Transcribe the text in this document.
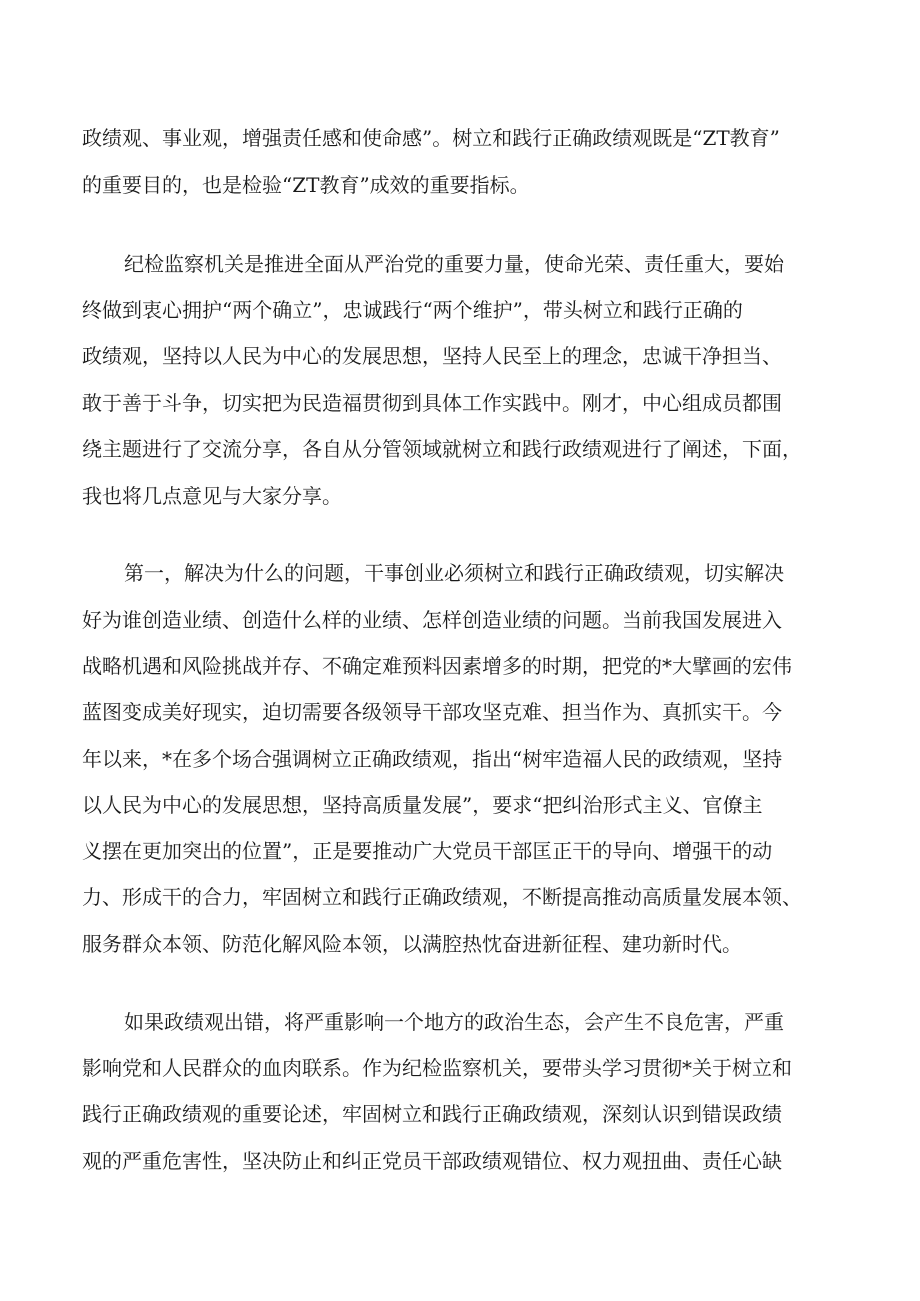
政绩观、事业观，增强责任感和使命感”。树立和践行正确政绩观既是“ZT教育”
的重要目的，也是检验“ZT教育”成效的重要指标。
纪检监察机关是推进全面从严治党的重要力量，使命光荣、责任重大，要始
终做到衷心拥护“两个确立”，忠诚践行“两个维护”，带头树立和践行正确的
政绩观，坚持以人民为中心的发展思想，坚持人民至上的理念，忠诚干净担当、
敢于善于斗争，切实把为民造福贯彻到具体工作实践中。刚才，中心组成员都围
绕主题进行了交流分享，各自从分管领域就树立和践行政绩观进行了阐述，下面，
我也将几点意见与大家分享。
第一，解决为什么的问题，干事创业必须树立和践行正确政绩观，切实解决
好为谁创造业绩、创造什么样的业绩、怎样创造业绩的问题。当前我国发展进入
战略机遇和风险挑战并存、不确定难预料因素增多的时期，把党的*大擘画的宏伟
蓝图变成美好现实，迫切需要各级领导干部攻坚克难、担当作为、真抓实干。今
年以来，*在多个场合强调树立正确政绩观，指出“树牢造福人民的政绩观，坚持
以人民为中心的发展思想，坚持高质量发展”，要求“把纠治形式主义、官僚主
义摆在更加突出的位置”，正是要推动广大党员干部匡正干的导向、增强干的动
力、形成干的合力，牢固树立和践行正确政绩观，不断提高推动高质量发展本领、
服务群众本领、防范化解风险本领，以满腔热忱奋进新征程、建功新时代。
如果政绩观出错，将严重影响一个地方的政治生态，会产生不良危害，严重
影响党和人民群众的血肉联系。作为纪检监察机关，要带头学习贯彻*关于树立和
践行正确政绩观的重要论述，牢固树立和践行正确政绩观，深刻认识到错误政绩
观的严重危害性，坚决防止和纠正党员干部政绩观错位、权力观扭曲、责任心缺
